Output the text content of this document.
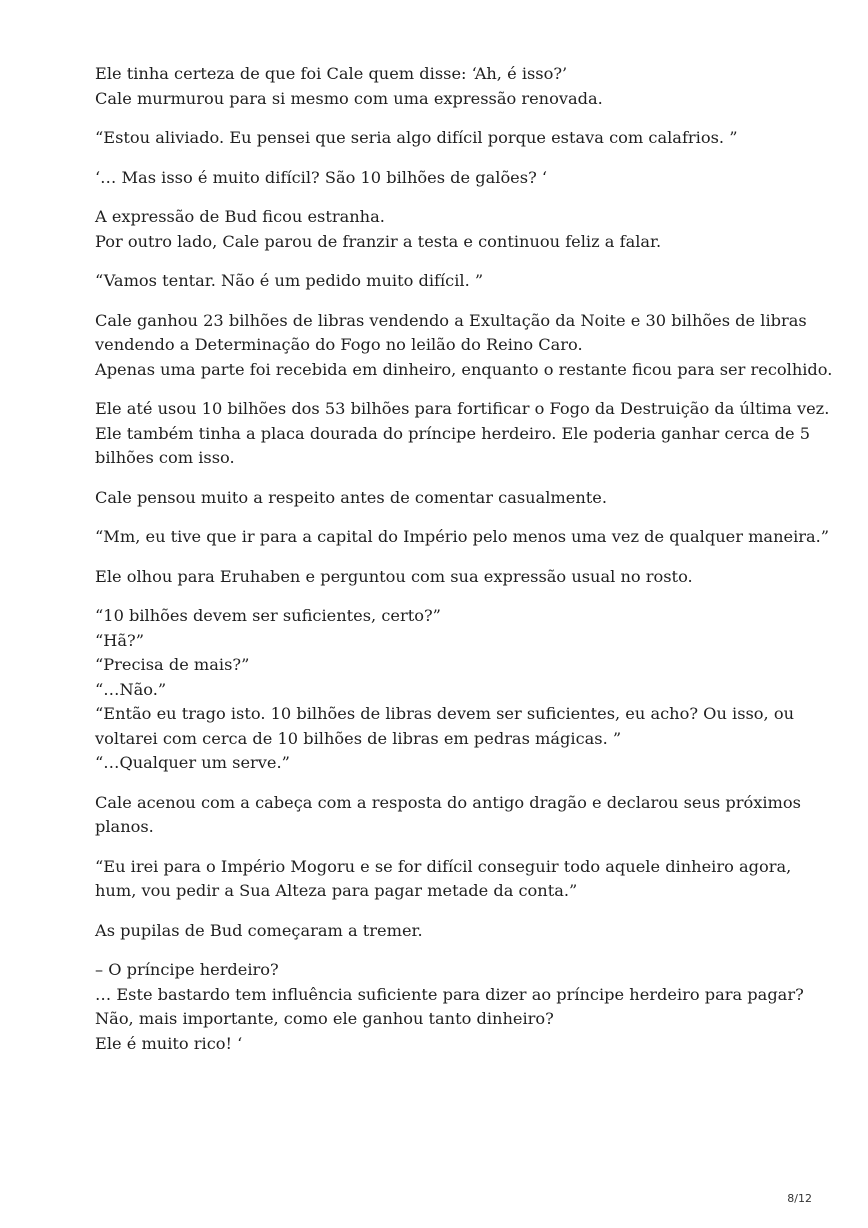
Ele tinha certeza de que foi Cale quem disse: ‘Ah, é isso?’
Cale murmurou para si mesmo com uma expressão renovada.
“Estou aliviado. Eu pensei que seria algo difícil porque estava com calafrios. ”
‘… Mas isso é muito difícil? São 10 bilhões de galões? ‘
A expressão de Bud ficou estranha.
Por outro lado, Cale parou de franzir a testa e continuou feliz a falar.
“Vamos tentar. Não é um pedido muito difícil. ”
Cale ganhou 23 bilhões de libras vendendo a Exultação da Noite e 30 bilhões de libras
vendendo a Determinação do Fogo no leilão do Reino Caro.
Apenas uma parte foi recebida em dinheiro, enquanto o restante ficou para ser recolhido.
Ele até usou 10 bilhões dos 53 bilhões para fortificar o Fogo da Destruição da última vez.
Ele também tinha a placa dourada do príncipe herdeiro. Ele poderia ganhar cerca de 5
bilhões com isso.
Cale pensou muito a respeito antes de comentar casualmente.
“Mm, eu tive que ir para a capital do Império pelo menos uma vez de qualquer maneira.”
Ele olhou para Eruhaben e perguntou com sua expressão usual no rosto.
“10 bilhões devem ser suficientes, certo?”
“Hã?”
“Precisa de mais?”
“…Não.”
“Então eu trago isto. 10 bilhões de libras devem ser suficientes, eu acho? Ou isso, ou
voltarei com cerca de 10 bilhões de libras em pedras mágicas. ”
“…Qualquer um serve.”
Cale acenou com a cabeça com a resposta do antigo dragão e declarou seus próximos
planos.
“Eu irei para o Império Mogoru e se for difícil conseguir todo aquele dinheiro agora,
hum, vou pedir a Sua Alteza para pagar metade da conta.”
As pupilas de Bud começaram a tremer.
– O príncipe herdeiro?
… Este bastardo tem influência suficiente para dizer ao príncipe herdeiro para pagar?
Não, mais importante, como ele ganhou tanto dinheiro?
Ele é muito rico! ‘
8/12
